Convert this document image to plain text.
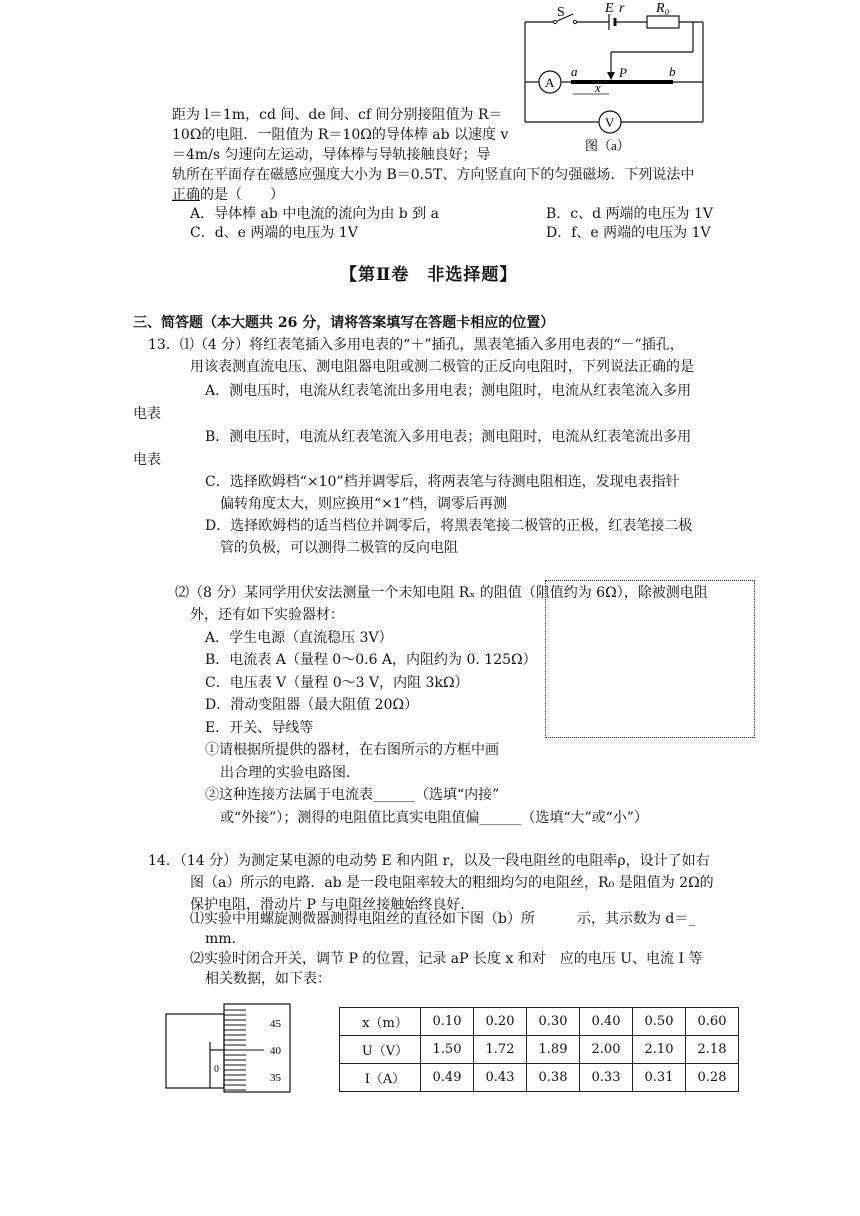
S	E r R₀
A
V
a	b
P
x
图（a）
距为 l＝1m，cd 间、de 间、cf 间分别接阻值为 R＝
10Ω的电阻．一阻值为 R＝10Ω的导体棒 ab 以速度 v
＝4m/s 匀速向左运动，导体棒与导轨接触良好；导
轨所在平面存在磁感应强度大小为 B＝0.5T、方向竖直向下的匀强磁场．下列说法中
正确的是（　　）
A．导体棒 ab 中电流的流向为由 b 到 a	B．c、d 两端的电压为 1V
C．d、e 两端的电压为 1V	D．f、e 两端的电压为 1V
【第Ⅱ卷　非选择题】
三、简答题（本大题共 26 分，请将答案填写在答题卡相应的位置）
13．⑴（4 分）将红表笔插入多用电表的“＋”插孔，黑表笔插入多用电表的“－”插孔，
用该表测直流电压、测电阻器电阻或测二极管的正反向电阻时，下列说法正确的是
A．测电压时，电流从红表笔流出多用电表；测电阻时，电流从红表笔流入多用
电表
B．测电压时，电流从红表笔流入多用电表；测电阻时，电流从红表笔流出多用
电表
C．选择欧姆档“×10”档并调零后，将两表笔与待测电阻相连，发现电表指针
偏转角度太大，则应换用“×1”档，调零后再测
D．选择欧姆档的适当档位并调零后，将黑表笔接二极管的正极，红表笔接二极
管的负极，可以测得二极管的反向电阻
⑵（8 分）某同学用伏安法测量一个未知电阻 Rₓ 的阻值（阻值约为 6Ω），除被测电阻
外，还有如下实验器材：
A．学生电源（直流稳压 3V）
B．电流表 A（量程 0～0.6 A，内阻约为 0. 125Ω）
C．电压表 V（量程 0～3 V，内阻 3kΩ）
D．滑动变阻器（最大阻值 20Ω）
E．开关、导线等
①请根据所提供的器材，在右图所示的方框中画
出合理的实验电路图.
②这种连接方法属于电流表______（选填“内接”
或“外接”）；测得的电阻值比真实电阻值偏______（选填“大”或“小”）
14．（14 分）为测定某电源的电动势 E 和内阻 r，以及一段电阻丝的电阻率ρ，设计了如右
图（a）所示的电路．ab 是一段电阻率较大的粗细均匀的电阻丝，R₀ 是阻值为 2Ω的
保护电阻，滑动片 P 与电阻丝接触始终良好．
⑴实验中用螺旋测微器测得电阻丝的直径如下图（b）所　　　示，其示数为 d＝_
mm.
⑵实验时闭合开关，调节 P 的位置，记录 aP 长度 x 和对　应的电压 U、电流 I 等
相关数据，如下表：
45
40
35
0
x（m）	0.10	0.20	0.30	0.40	0.50	0.60
U（V）	1.50	1.72	1.89	2.00	2.10	2.18
I（A）	0.49	0.43	0.38	0.33	0.31	0.28
